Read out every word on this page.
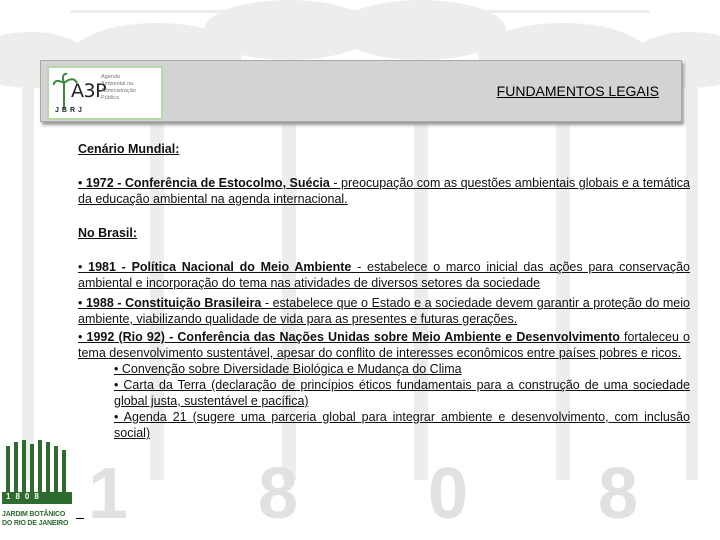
1 8 0 8
A3P
JBRJ
Agenda
Ambiental na
Administração
Pública	FUNDAMENTOS LEGAIS

Cenário Mundial:

• 1972 - Conferência de Estocolmo, Suécia - preocupação com as questões ambientais globais e a temática da educação ambiental na agenda internacional.

No Brasil:

• 1981 - Política Nacional do Meio Ambiente - estabelece o marco inicial das ações para conservação ambiental e incorporação do tema nas atividades de diversos setores da sociedade

• 1988 - Constituição Brasileira - estabelece que o Estado e a sociedade devem garantir a proteção do meio ambiente, viabilizando qualidade de vida para as presentes e futuras gerações.

• 1992 (Rio 92) - Conferência das Nações Unidas sobre Meio Ambiente e Desenvolvimento fortaleceu o tema desenvolvimento sustentável, apesar do conflito de interesses econômicos entre países pobres e ricos.

• Convenção sobre Diversidade Biológica e Mudança do Clima

• Carta da Terra (declaração de princípios éticos fundamentais para a construção de uma sociedade global justa, sustentável e pacífica)

• Agenda 21 (sugere uma parceria global para integrar ambiente e desenvolvimento, com inclusão social)

1808
JARDIM BOTÂNICO
DO RIO DE JANEIRO
